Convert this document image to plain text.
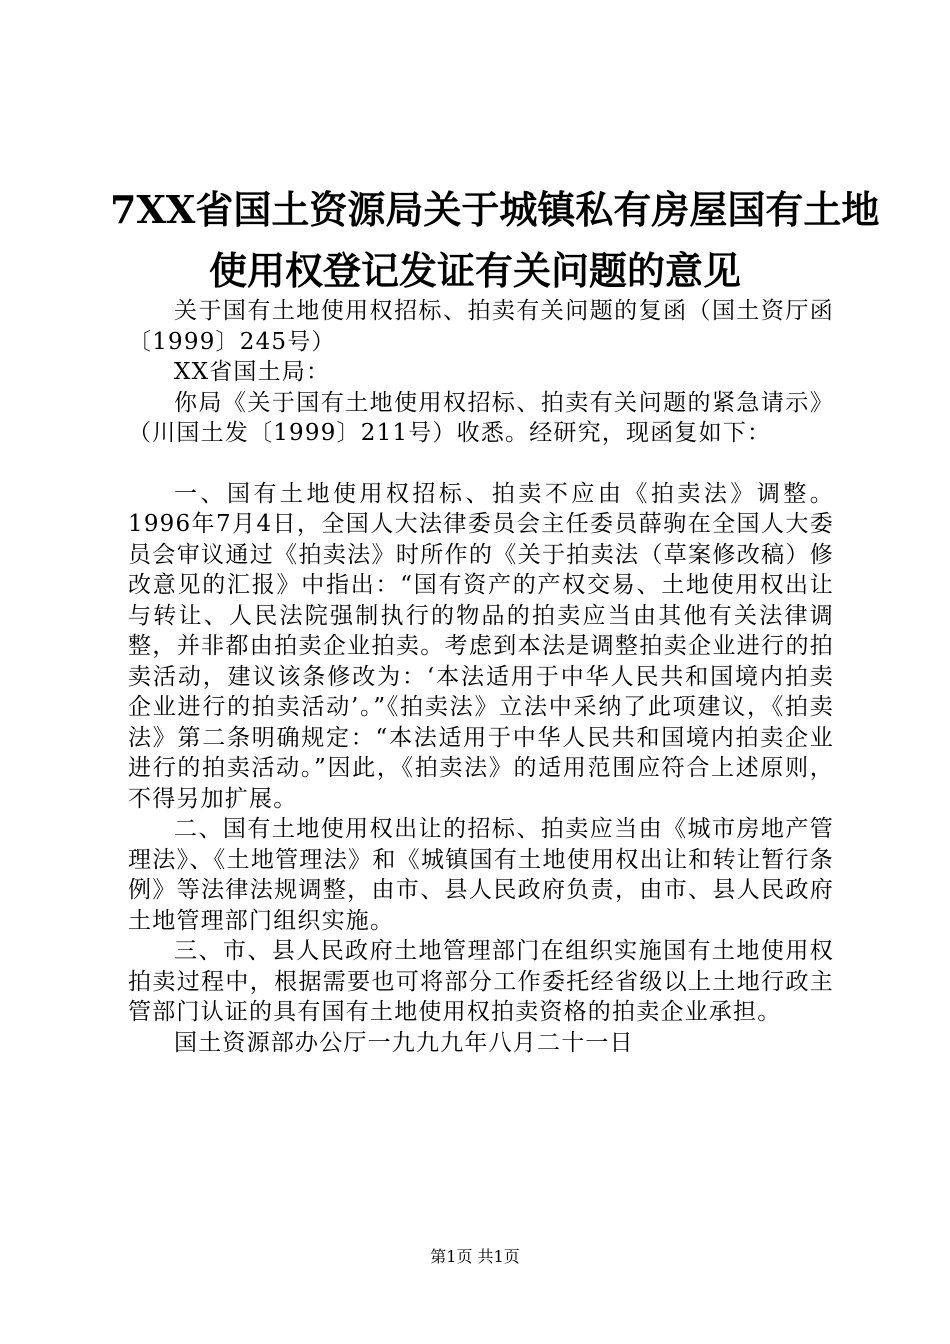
7XX省国土资源局关于城镇私有房屋国有土地
使用权登记发证有关问题的意见

关于国有土地使用权招标、拍卖有关问题的复函（国土资厅函〔1999〕245号）

XX省国土局：

你局《关于国有土地使用权招标、拍卖有关问题的紧急请示》（川国土发〔1999〕211号）收悉。经研究，现函复如下：

一、国有土地使用权招标、拍卖不应由《拍卖法》调整。1996年7月4日，全国人大法律委员会主任委员薛驹在全国人大委员会审议通过《拍卖法》时所作的《关于拍卖法（草案修改稿）修改意见的汇报》中指出：“国有资产的产权交易、土地使用权出让与转让、人民法院强制执行的物品的拍卖应当由其他有关法律调整，并非都由拍卖企业拍卖。考虑到本法是调整拍卖企业进行的拍卖活动，建议该条修改为：‘本法适用于中华人民共和国境内拍卖企业进行的拍卖活动’。”《拍卖法》立法中采纳了此项建议，《拍卖法》第二条明确规定：“本法适用于中华人民共和国境内拍卖企业进行的拍卖活动。”因此，《拍卖法》的适用范围应符合上述原则，不得另加扩展。

二、国有土地使用权出让的招标、拍卖应当由《城市房地产管理法》、《土地管理法》和《城镇国有土地使用权出让和转让暂行条例》等法律法规调整，由市、县人民政府负责，由市、县人民政府土地管理部门组织实施。

三、市、县人民政府土地管理部门在组织实施国有土地使用权拍卖过程中，根据需要也可将部分工作委托经省级以上土地行政主管部门认证的具有国有土地使用权拍卖资格的拍卖企业承担。

国土资源部办公厅一九九九年八月二十一日

第1页 共1页
